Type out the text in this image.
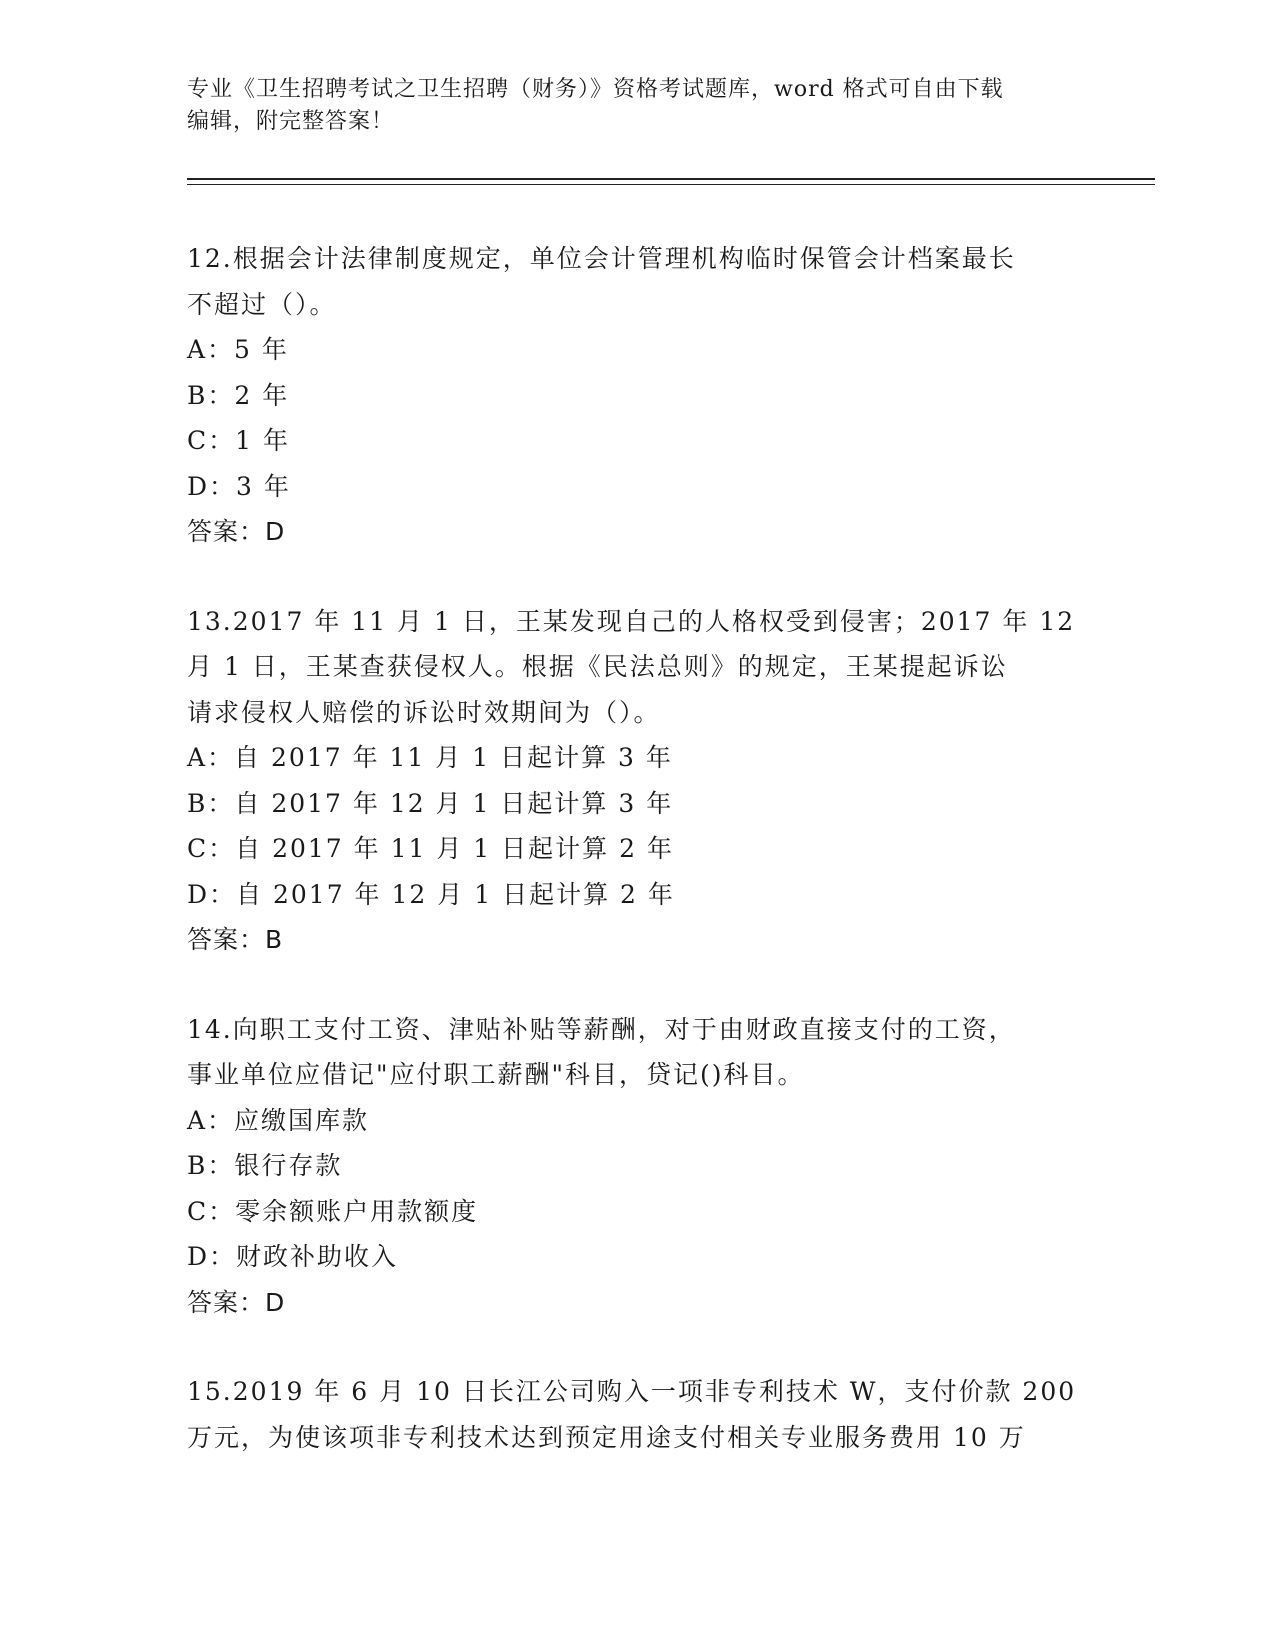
专业《卫生招聘考试之卫生招聘（财务）》资格考试题库，word 格式可自由下载
编辑，附完整答案！
12.根据会计法律制度规定，单位会计管理机构临时保管会计档案最长
不超过（）。
A：5 年
B：2 年
C：1 年
D：3 年
答案：D
13.2017 年 11 月 1 日，王某发现自己的人格权受到侵害；2017 年 12
月 1 日，王某查获侵权人。根据《民法总则》的规定，王某提起诉讼
请求侵权人赔偿的诉讼时效期间为（）。
A：自 2017 年 11 月 1 日起计算 3 年
B：自 2017 年 12 月 1 日起计算 3 年
C：自 2017 年 11 月 1 日起计算 2 年
D：自 2017 年 12 月 1 日起计算 2 年
答案：B
14.向职工支付工资、津贴补贴等薪酬，对于由财政直接支付的工资，
事业单位应借记"应付职工薪酬"科目，贷记()科目。
A：应缴国库款
B：银行存款
C：零余额账户用款额度
D：财政补助收入
答案：D
15.2019 年 6 月 10 日长江公司购入一项非专利技术 W，支付价款 200
万元，为使该项非专利技术达到预定用途支付相关专业服务费用 10 万
